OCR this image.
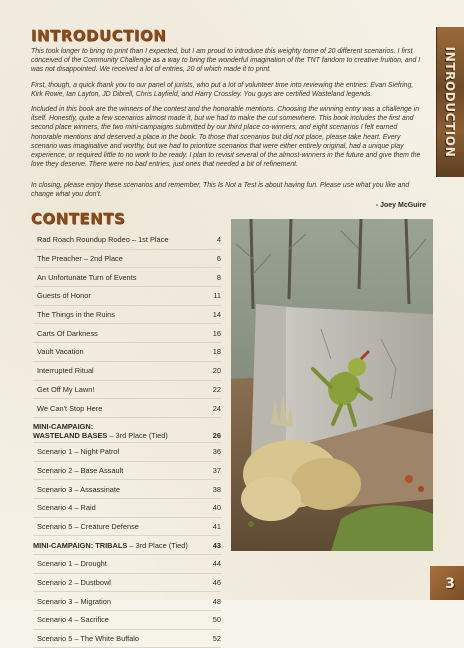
INTRODUCTION

This took longer to bring to print than I expected, but I am proud to introduce this weighty tome of 20 different scenarios. I first conceived of the Community Challenge as a way to bring the wonderful imagination of the TNT fandom to creative fruition, and I was not disappointed. We received a lot of entries, 20 of which made it to print.

First, though, a quick thank you to our panel of jurists, who put a lot of volunteer time into reviewing the entries: Evan Siefring, Kirk Rowe, Ian Layton, JD Dibrell, Chris Layfield, and Harry Crossley. You guys are certified Wasteland legends.

Included in this book are the winners of the contest and the honorable mentions. Choosing the winning entry was a challenge in itself. Honestly, quite a few scenarios almost made it, but we had to make the cut somewhere. This book includes the first and second place winners, the two mini-campaigns submitted by our third place co-winners, and eight scenarios I felt earned honorable mentions and deserved a place in the book. To those that scenarios but did not place, please take heart. Every scenario was imaginative and worthy, but we had to prioritize scenarios that were either entirely original, had a unique play experience, or required little to no work to be ready. I plan to revisit several of the almost-winners in the future and give them the love they deserve. There were no bad entries, just ones that needed a bit of refinement.

In closing, please enjoy these scenarios and remember, This Is Not a Test is about having fun. Please use what you like and change what you don't.

- Joey McGuire
INTRODUCTION
CONTENTS
Rad Roach Roundup Rodeo – 1st Place	4
The Preacher – 2nd Place	6
An Unfortunate Turn of Events	8
Guests of Honor	11
The Things in the Ruins	14
Carts Of Darkness	16
Vault Vacation	18
Interrupted Ritual	20
Get Off My Lawn!	22
We Can't Stop Here	24
MINI-CAMPAIGN:
WASTELAND BASES – 3rd Place (Tied)	26
Scenario 1 – Night Patrol	36
Scenario 2 – Base Assault	37
Scenario 3 – Assassinate	38
Scenario 4 – Raid	40
Scenario 5 – Creature Defense	41
MINI-CAMPAIGN: TRIBALS – 3rd Place (Tied)	43
Scenario 1 – Drought	44
Scenario 2 – Dustbowl	46
Scenario 3 – Migration	48
Scenario 4 – Sacrifice	50
Scenario 5 – The White Buffalo	52
3
